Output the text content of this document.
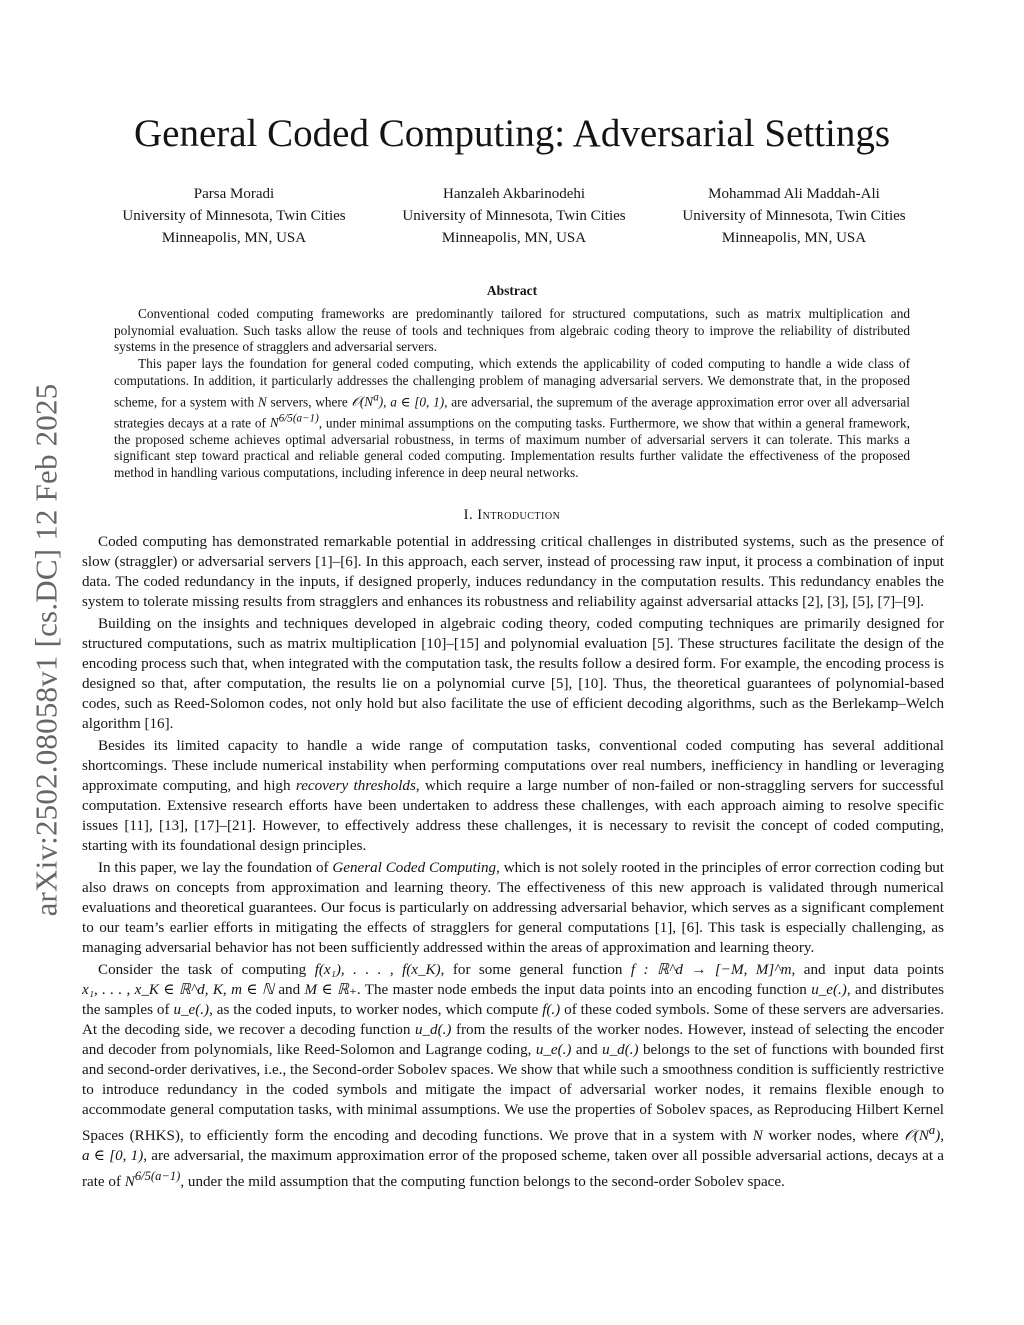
arXiv:2502.08058v1 [cs.DC] 12 Feb 2025
General Coded Computing: Adversarial Settings
Parsa Moradi
University of Minnesota, Twin Cities
Minneapolis, MN, USA
Hanzaleh Akbarinodehi
University of Minnesota, Twin Cities
Minneapolis, MN, USA
Mohammad Ali Maddah-Ali
University of Minnesota, Twin Cities
Minneapolis, MN, USA
Abstract

Conventional coded computing frameworks are predominantly tailored for structured computations, such as matrix multiplication and polynomial evaluation. Such tasks allow the reuse of tools and techniques from algebraic coding theory to improve the reliability of distributed systems in the presence of stragglers and adversarial servers.

This paper lays the foundation for general coded computing, which extends the applicability of coded computing to handle a wide class of computations. In addition, it particularly addresses the challenging problem of managing adversarial servers. We demonstrate that, in the proposed scheme, for a system with N servers, where $𝒪(N^a)$, a ∈ [0, 1), are adversarial, the supremum of the average approximation error over all adversarial strategies decays at a rate of $N^{6/5(a-1)}$, under minimal assumptions on the computing tasks. Furthermore, we show that within a general framework, the proposed scheme achieves optimal adversarial robustness, in terms of maximum number of adversarial servers it can tolerate. This marks a significant step toward practical and reliable general coded computing. Implementation results further validate the effectiveness of the proposed method in handling various computations, including inference in deep neural networks.

I. Introduction

Coded computing has demonstrated remarkable potential in addressing critical challenges in distributed systems, such as the presence of slow (straggler) or adversarial servers [1]–[6]. In this approach, each server, instead of processing raw input, it process a combination of input data. The coded redundancy in the inputs, if designed properly, induces redundancy in the computation results. This redundancy enables the system to tolerate missing results from stragglers and enhances its robustness and reliability against adversarial attacks [2], [3], [5], [7]–[9].

Building on the insights and techniques developed in algebraic coding theory, coded computing techniques are primarily designed for structured computations, such as matrix multiplication [10]–[15] and polynomial evaluation [5]. These structures facilitate the design of the encoding process such that, when integrated with the computation task, the results follow a desired form. For example, the encoding process is designed so that, after computation, the results lie on a polynomial curve [5], [10]. Thus, the theoretical guarantees of polynomial-based codes, such as Reed-Solomon codes, not only hold but also facilitate the use of efficient decoding algorithms, such as the Berlekamp–Welch algorithm [16].

Besides its limited capacity to handle a wide range of computation tasks, conventional coded computing has several additional shortcomings. These include numerical instability when performing computations over real numbers, inefficiency in handling or leveraging approximate computing, and high recovery thresholds, which require a large number of non-failed or non-straggling servers for successful computation. Extensive research efforts have been undertaken to address these challenges, with each approach aiming to resolve specific issues [11], [13], [17]–[21]. However, to effectively address these challenges, it is necessary to revisit the concept of coded computing, starting with its foundational design principles.

In this paper, we lay the foundation of General Coded Computing, which is not solely rooted in the principles of error correction coding but also draws on concepts from approximation and learning theory. The effectiveness of this new approach is validated through numerical evaluations and theoretical guarantees. Our focus is particularly on addressing adversarial behavior, which serves as a significant complement to our team’s earlier efforts in mitigating the effects of stragglers for general computations [1], [6]. This task is especially challenging, as managing adversarial behavior has not been sufficiently addressed within the areas of approximation and learning theory.

Consider the task of computing f(x₁), . . . , f(x_K), for some general function f : ℝ^d → [−M, M]^m, and input data points x₁, . . . , x_K ∈ ℝ^d, K, m ∈ ℕ and M ∈ ℝ₊. The master node embeds the input data points into an encoding function u_e(.), and distributes the samples of u_e(.), as the coded inputs, to worker nodes, which compute f(.) of these coded symbols. Some of these servers are adversaries. At the decoding side, we recover a decoding function u_d(.) from the results of the worker nodes. However, instead of selecting the encoder and decoder from polynomials, like Reed-Solomon and Lagrange coding, u_e(.) and u_d(.) belongs to the set of functions with bounded first and second-order derivatives, i.e., the Second-order Sobolev spaces. We show that while such a smoothness condition is sufficiently restrictive to introduce redundancy in the coded symbols and mitigate the impact of adversarial worker nodes, it remains flexible enough to accommodate general computation tasks, with minimal assumptions. We use the properties of Sobolev spaces, as Reproducing Hilbert Kernel Spaces (RHKS), to efficiently form the encoding and decoding functions. We prove that in a system with N worker nodes, where $𝒪(N^a)$, a ∈ [0, 1), are adversarial, the maximum approximation error of the proposed scheme, taken over all possible adversarial actions, decays at a rate of $N^{6/5(a-1)}$, under the mild assumption that the computing function belongs to the second-order Sobolev space.
